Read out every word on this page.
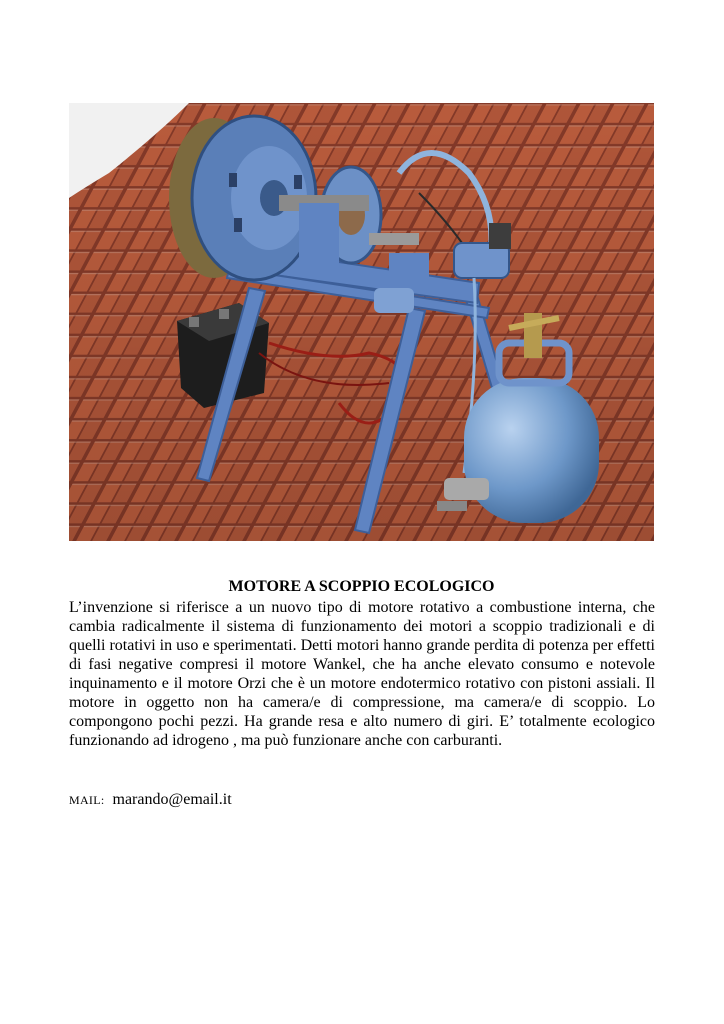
MOTORE A SCOPPIO ECOLOGICO

L’invenzione si riferisce a un nuovo tipo di motore rotativo a combustione interna, che cambia radicalmente il sistema di funzionamento dei motori a scoppio tradizionali e di quelli rotativi in uso e sperimentati. Detti motori hanno grande perdita di potenza per effetti di fasi negative compresi il motore Wankel, che ha anche elevato consumo e notevole inquinamento e il motore Orzi che è un motore endotermico rotativo con pistoni assiali. Il motore in oggetto non ha camera/e di compressione, ma camera/e di scoppio. Lo compongono pochi pezzi. Ha grande resa e alto numero di giri. E’ totalmente ecologico funzionando ad idrogeno , ma può funzionare anche con carburanti.

MAIL: marando@email.it
